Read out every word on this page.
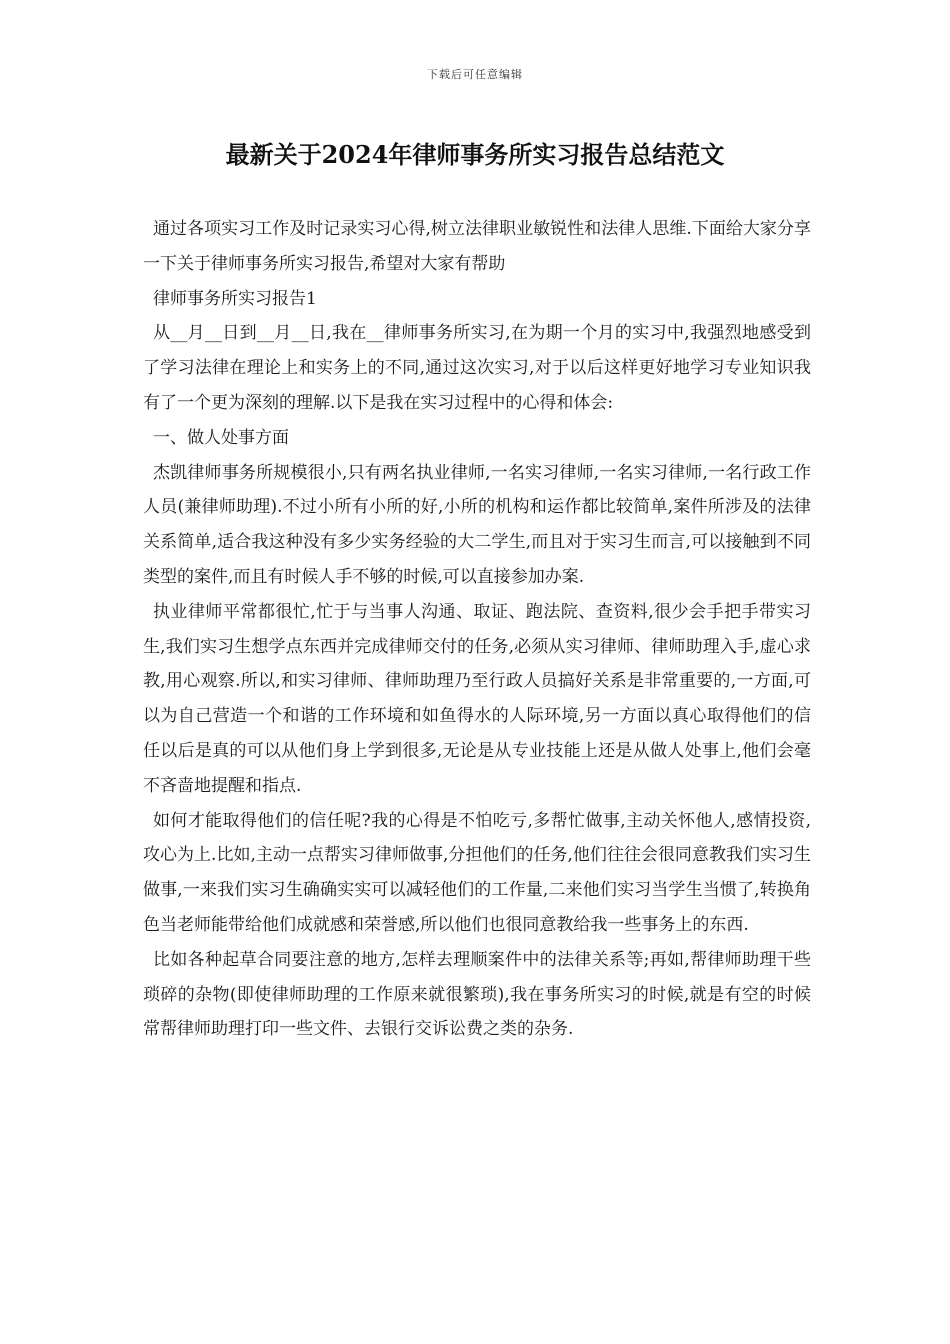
下载后可任意编辑
最新关于2024年律师事务所实习报告总结范文

通过各项实习工作及时记录实习心得,树立法律职业敏锐性和法律人思维.下面给大家分享一下关于律师事务所实习报告,希望对大家有帮助

律师事务所实习报告1

从__月__日到__月__日,我在__律师事务所实习,在为期一个月的实习中,我强烈地感受到了学习法律在理论上和实务上的不同,通过这次实习,对于以后这样更好地学习专业知识我有了一个更为深刻的理解.以下是我在实习过程中的心得和体会:

一、做人处事方面

杰凯律师事务所规模很小,只有两名执业律师,一名实习律师,一名实习律师,一名行政工作人员(兼律师助理).不过小所有小所的好,小所的机构和运作都比较简单,案件所涉及的法律关系简单,适合我这种没有多少实务经验的大二学生,而且对于实习生而言,可以接触到不同类型的案件,而且有时候人手不够的时候,可以直接参加办案.

执业律师平常都很忙,忙于与当事人沟通、取证、跑法院、查资料,很少会手把手带实习生,我们实习生想学点东西并完成律师交付的任务,必须从实习律师、律师助理入手,虚心求教,用心观察.所以,和实习律师、律师助理乃至行政人员搞好关系是非常重要的,一方面,可以为自己营造一个和谐的工作环境和如鱼得水的人际环境,另一方面以真心取得他们的信任以后是真的可以从他们身上学到很多,无论是从专业技能上还是从做人处事上,他们会毫不吝啬地提醒和指点.

如何才能取得他们的信任呢?我的心得是不怕吃亏,多帮忙做事,主动关怀他人,感情投资,攻心为上.比如,主动一点帮实习律师做事,分担他们的任务,他们往往会很同意教我们实习生做事,一来我们实习生确确实实可以减轻他们的工作量,二来他们实习当学生当惯了,转换角色当老师能带给他们成就感和荣誉感,所以他们也很同意教给我一些事务上的东西.

比如各种起草合同要注意的地方,怎样去理顺案件中的法律关系等;再如,帮律师助理干些琐碎的杂物(即使律师助理的工作原来就很繁琐),我在事务所实习的时候,就是有空的时候常帮律师助理打印一些文件、去银行交诉讼费之类的杂务.
